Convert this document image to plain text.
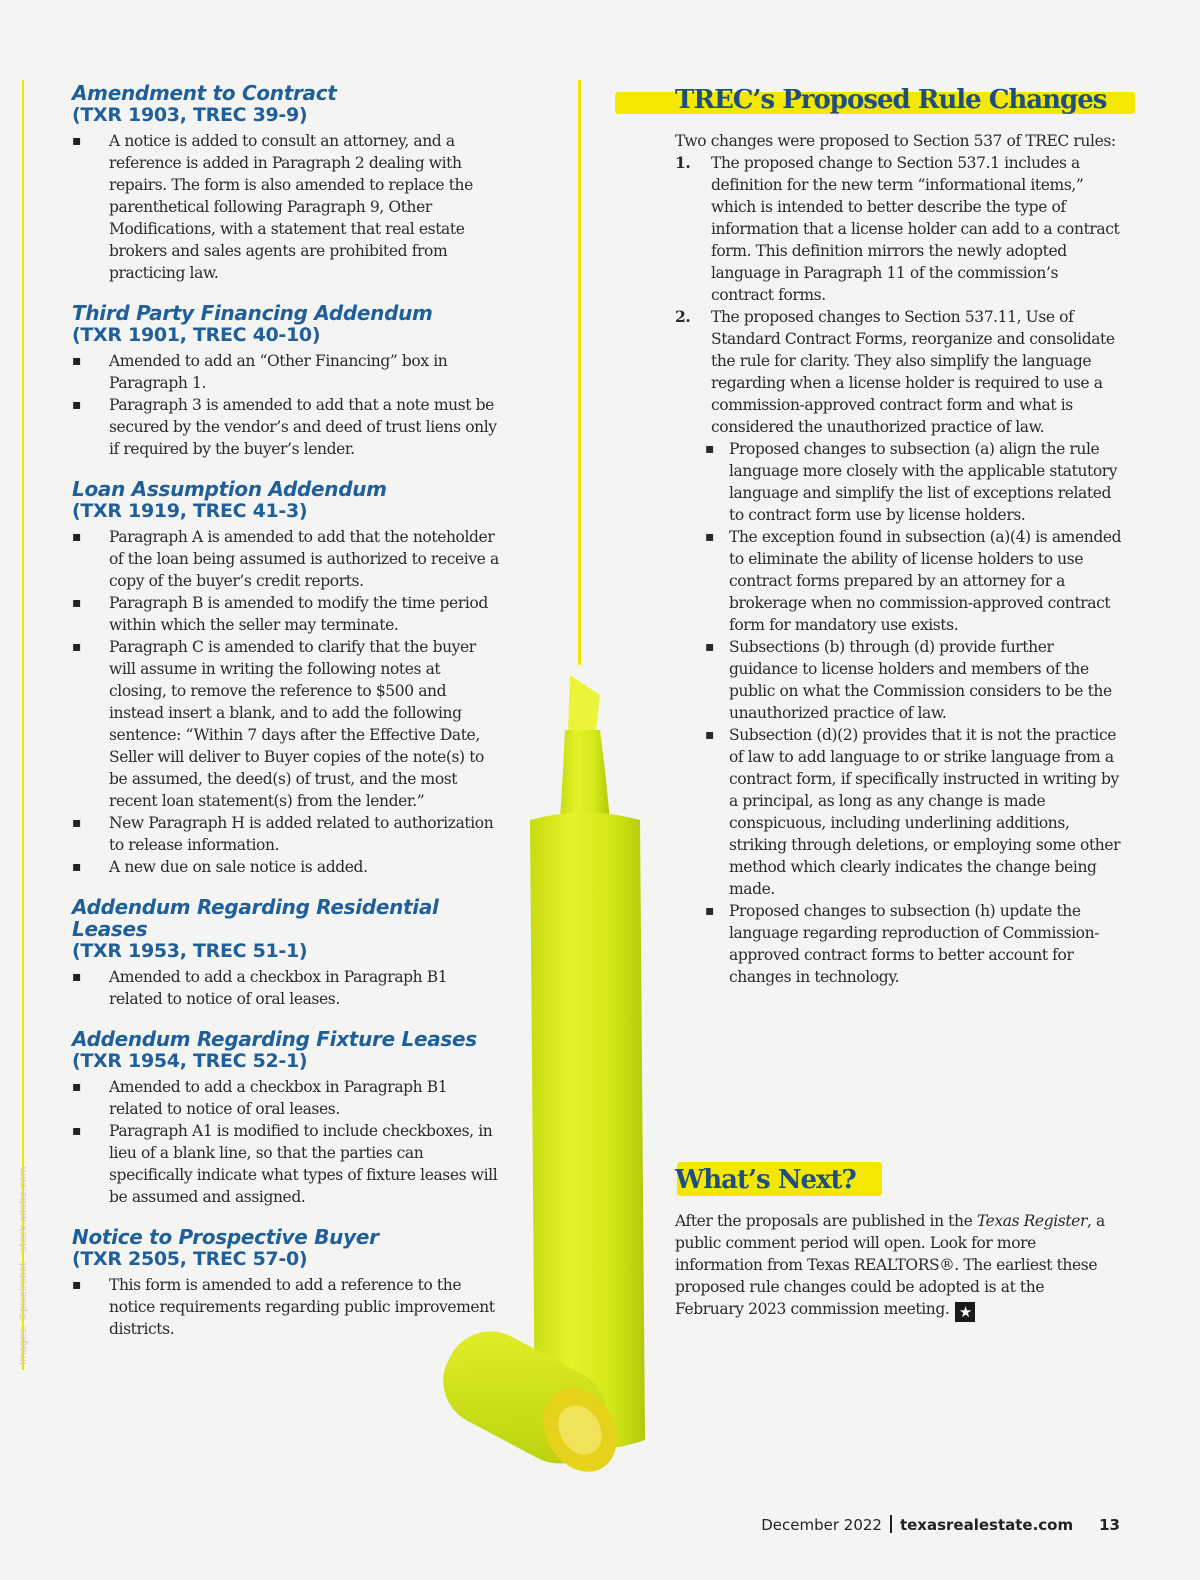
Images: ©pixelrobot - stock.adobe.com
Amendment to Contract
(TXR 1903, TREC 39-9)
▪ A notice is added to consult an attorney, and a reference is added in Paragraph 2 dealing with repairs. The form is also amended to replace the parenthetical following Paragraph 9, Other Modifications, with a statement that real estate brokers and sales agents are prohibited from practicing law.
Third Party Financing Addendum
(TXR 1901, TREC 40-10)
▪ Amended to add an “Other Financing” box in Paragraph 1.
▪ Paragraph 3 is amended to add that a note must be secured by the vendor’s and deed of trust liens only if required by the buyer’s lender.
Loan Assumption Addendum
(TXR 1919, TREC 41-3)
▪ Paragraph A is amended to add that the noteholder of the loan being assumed is authorized to receive a copy of the buyer’s credit reports.
▪ Paragraph B is amended to modify the time period within which the seller may terminate.
▪ Paragraph C is amended to clarify that the buyer will assume in writing the following notes at closing, to remove the reference to $500 and instead insert a blank, and to add the following sentence: “Within 7 days after the Effective Date, Seller will deliver to Buyer copies of the note(s) to be assumed, the deed(s) of trust, and the most recent loan statement(s) from the lender.”
▪ New Paragraph H is added related to authorization to release information.
▪ A new due on sale notice is added.
Addendum Regarding Residential Leases
(TXR 1953, TREC 51-1)
▪ Amended to add a checkbox in Paragraph B1 related to notice of oral leases.
Addendum Regarding Fixture Leases
(TXR 1954, TREC 52-1)
▪ Amended to add a checkbox in Paragraph B1 related to notice of oral leases.
▪ Paragraph A1 is modified to include checkboxes, in lieu of a blank line, so that the parties can specifically indicate what types of fixture leases will be assumed and assigned.
Notice to Prospective Buyer
(TXR 2505, TREC 57-0)
▪ This form is amended to add a reference to the notice requirements regarding public improvement districts.
TREC’s Proposed Rule Changes
Two changes were proposed to Section 537 of TREC rules:
1. The proposed change to Section 537.1 includes a definition for the new term “informational items,” which is intended to better describe the type of information that a license holder can add to a contract form. This definition mirrors the newly adopted language in Paragraph 11 of the commission’s contract forms.
2. The proposed changes to Section 537.11, Use of Standard Contract Forms, reorganize and consolidate the rule for clarity. They also simplify the language regarding when a license holder is required to use a commission-approved contract form and what is considered the unauthorized practice of law.
▪ Proposed changes to subsection (a) align the rule language more closely with the applicable statutory language and simplify the list of exceptions related to contract form use by license holders.
▪ The exception found in subsection (a)(4) is amended to eliminate the ability of license holders to use contract forms prepared by an attorney for a brokerage when no commission-approved contract form for mandatory use exists.
▪ Subsections (b) through (d) provide further guidance to license holders and members of the public on what the Commission considers to be the unauthorized practice of law.
▪ Subsection (d)(2) provides that it is not the practice of law to add language to or strike language from a contract form, if specifically instructed in writing by a principal, as long as any change is made conspicuous, including underlining additions, striking through deletions, or employing some other method which clearly indicates the change being made.
▪ Proposed changes to subsection (h) update the language regarding reproduction of Commission-approved contract forms to better account for changes in technology.
What’s Next?
After the proposals are published in the Texas Register, a public comment period will open. Look for more information from Texas REALTORS®. The earliest these proposed rule changes could be adopted is at the February 2023 commission meeting. ★
December 2022 texasrealestate.com 13
